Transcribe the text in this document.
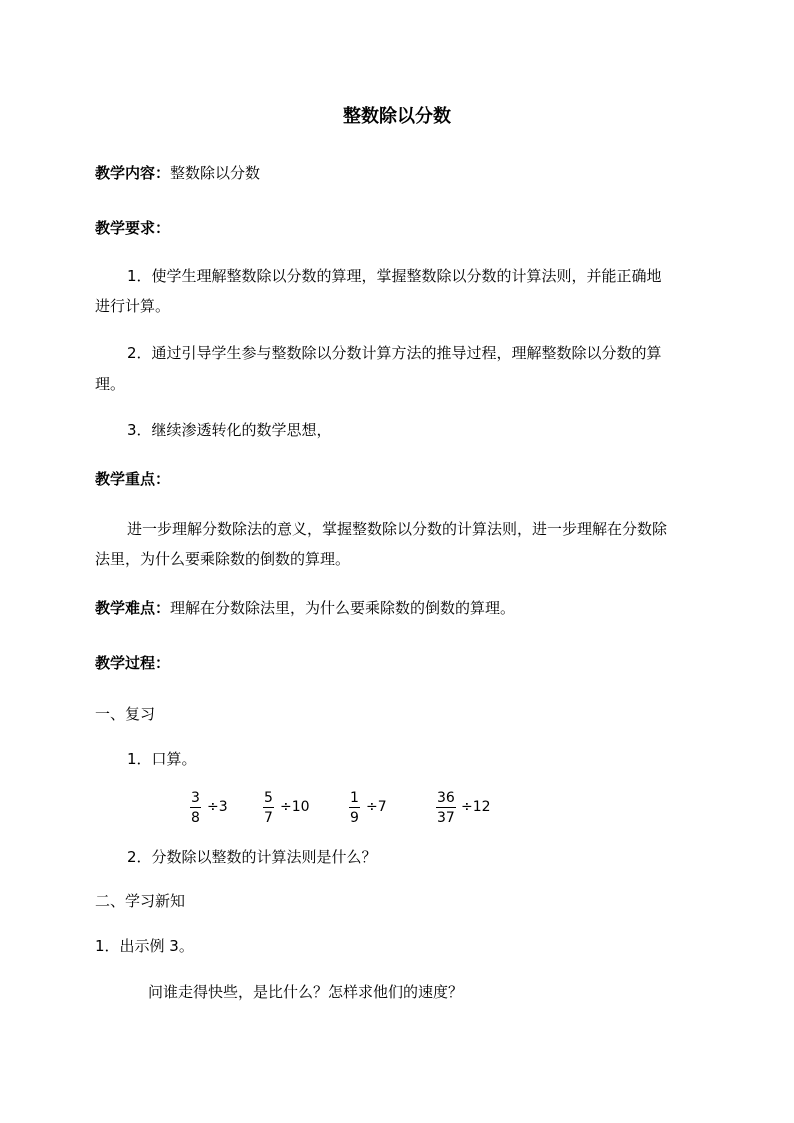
整数除以分数
教学内容：整数除以分数
教学要求：
1．使学生理解整数除以分数的算理，掌握整数除以分数的计算法则，并能正确地
进行计算。
2．通过引导学生参与整数除以分数计算方法的推导过程，理解整数除以分数的算
理。
3．继续渗透转化的数学思想，
教学重点：
进一步理解分数除法的意义，掌握整数除以分数的计算法则，进一步理解在分数除
法里，为什么要乘除数的倒数的算理。
教学难点：理解在分数除法里，为什么要乘除数的倒数的算理。
教学过程：
一、复习
1．口算。
$\frac{3}{8} \div 3$	$\frac{5}{7} \div 10$	$\frac{1}{9} \div 7$	$\frac{36}{37} \div 12$
2．分数除以整数的计算法则是什么？
二、学习新知
1．出示例 3。
问谁走得快些，是比什么？怎样求他们的速度？
